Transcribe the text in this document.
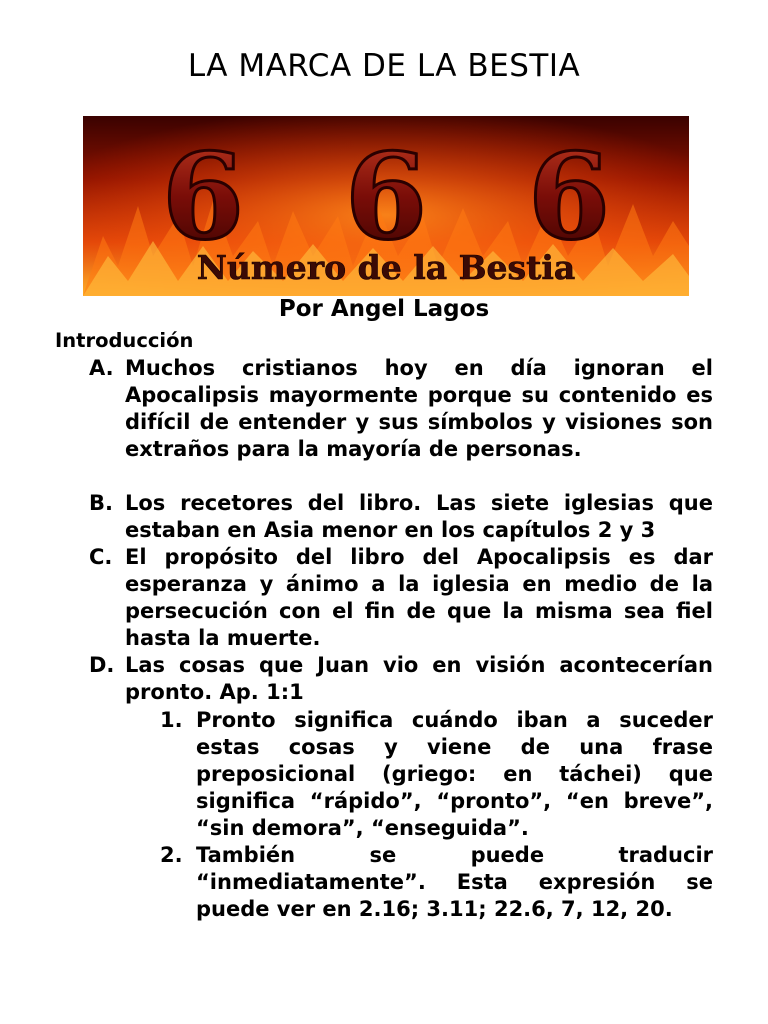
LA MARCA DE LA BESTIA
6 6 6
Número de la Bestia
Por Angel Lagos
Introducción
A. Muchos cristianos hoy en día ignoran el Apocalipsis mayormente porque su contenido es difícil de entender y sus símbolos y visiones son extraños para la mayoría de personas.
B. Los recetores del libro. Las siete iglesias que estaban en Asia menor en los capítulos 2 y 3
C. El propósito del libro del Apocalipsis es dar esperanza y ánimo a la iglesia en medio de la persecución con el fin de que la misma sea fiel hasta la muerte.
D. Las cosas que Juan vio en visión acontecerían pronto. Ap. 1:1
1. Pronto significa cuándo iban a suceder estas cosas y viene de una frase preposicional (griego: en táchei) que significa “rápido”, “pronto”, “en breve”, “sin demora”, “enseguida”.
2. También se puede traducir “inmediatamente”. Esta expresión se puede ver en 2.16; 3.11; 22.6, 7, 12, 20.
